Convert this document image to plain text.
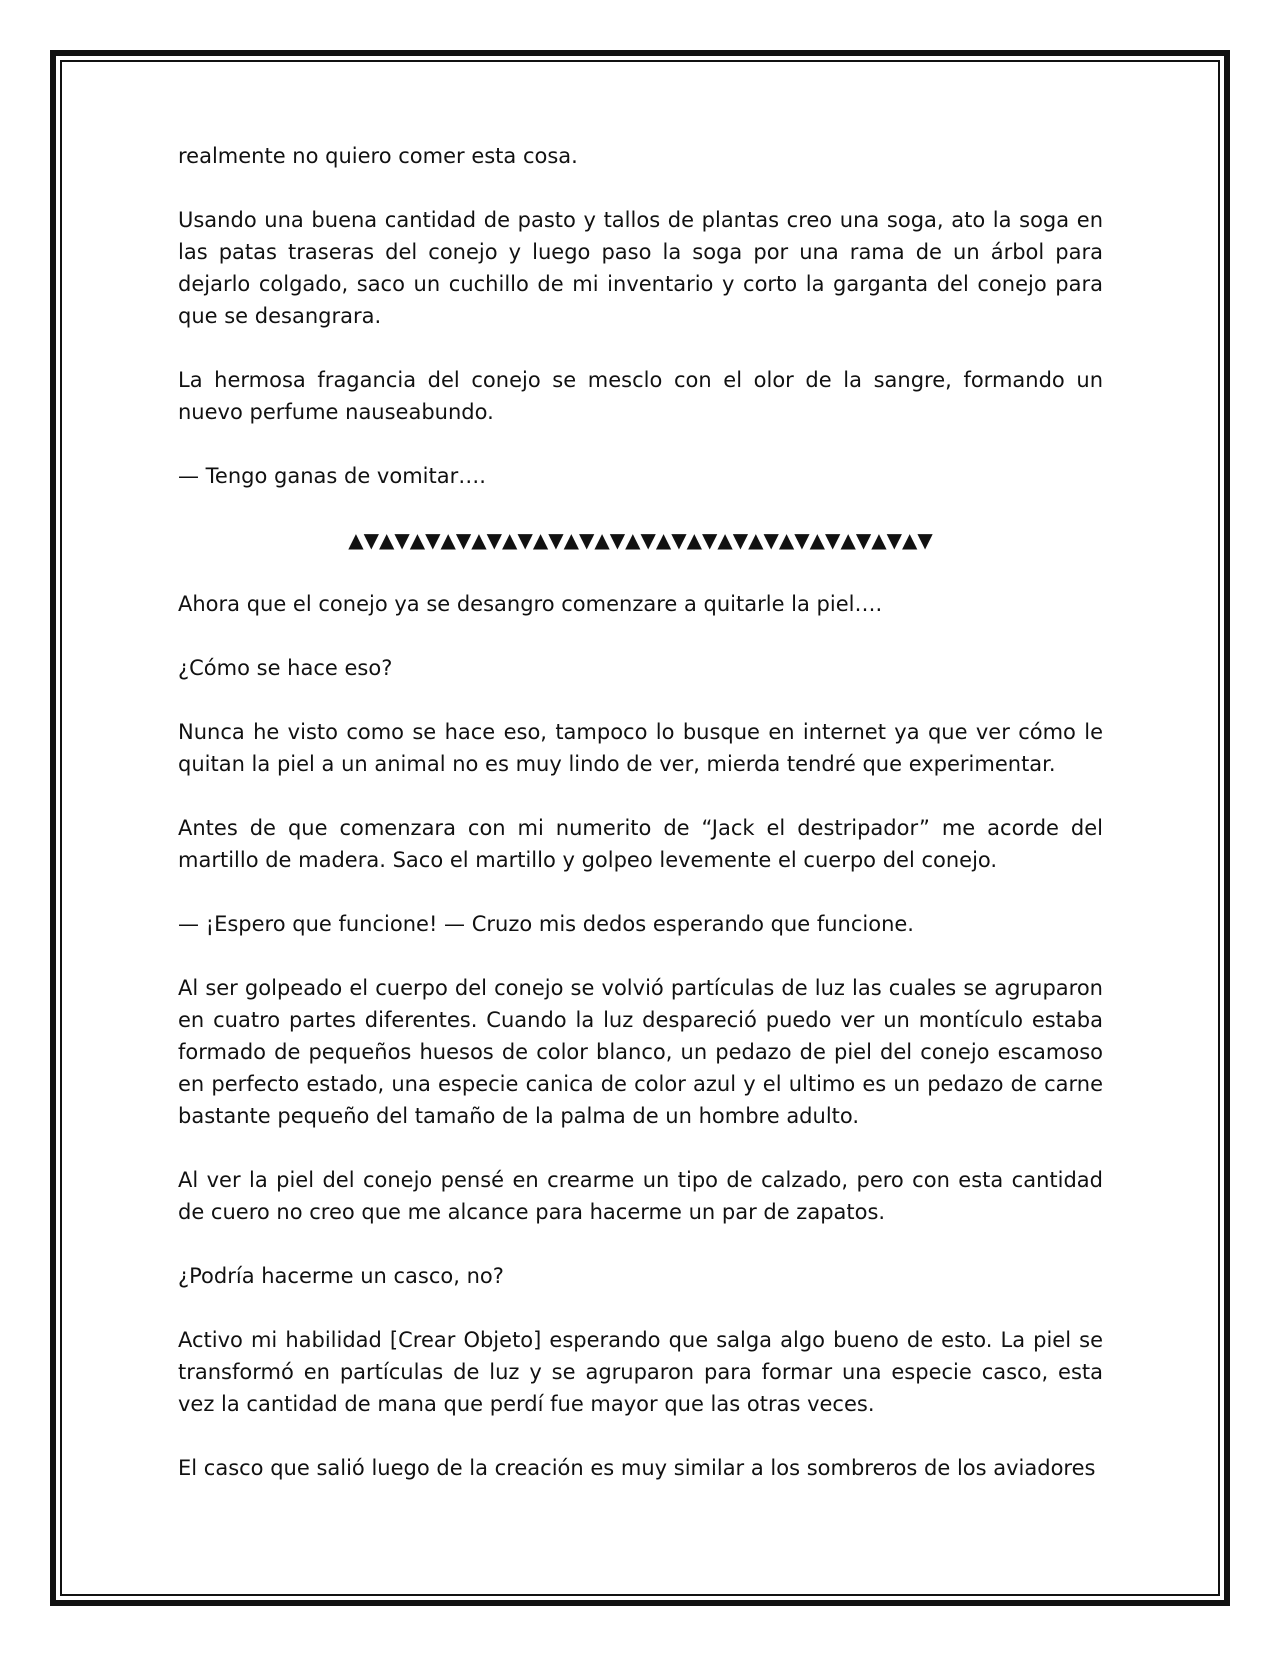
realmente no quiero comer esta cosa.

Usando una buena cantidad de pasto y tallos de plantas creo una soga, ato la soga en las patas traseras del conejo y luego paso la soga por una rama de un árbol para dejarlo colgado, saco un cuchillo de mi inventario y corto la garganta del conejo para que se desangrara.

La hermosa fragancia del conejo se mesclo con el olor de la sangre, formando un nuevo perfume nauseabundo.

— Tengo ganas de vomitar….

▲▼▲▼▲▼▲▼▲▼▲▼▲▼▲▼▲▼▲▼▲▼▲▼▲▼▲▼▲▼▲▼▲▼▲▼▲▼

Ahora que el conejo ya se desangro comenzare a quitarle la piel….

¿Cómo se hace eso?

Nunca he visto como se hace eso, tampoco lo busque en internet ya que ver cómo le quitan la piel a un animal no es muy lindo de ver, mierda tendré que experimentar.

Antes de que comenzara con mi numerito de “Jack el destripador” me acorde del martillo de madera. Saco el martillo y golpeo levemente el cuerpo del conejo.

— ¡Espero que funcione! — Cruzo mis dedos esperando que funcione.

Al ser golpeado el cuerpo del conejo se volvió partículas de luz las cuales se agruparon en cuatro partes diferentes. Cuando la luz despareció puedo ver un montículo estaba formado de pequeños huesos de color blanco, un pedazo de piel del conejo escamoso en perfecto estado, una especie canica de color azul y el ultimo es un pedazo de carne bastante pequeño del tamaño de la palma de un hombre adulto.

Al ver la piel del conejo pensé en crearme un tipo de calzado, pero con esta cantidad de cuero no creo que me alcance para hacerme un par de zapatos.

¿Podría hacerme un casco, no?

Activo mi habilidad [Crear Objeto] esperando que salga algo bueno de esto. La piel se transformó en partículas de luz y se agruparon para formar una especie casco, esta vez la cantidad de mana que perdí fue mayor que las otras veces.

El casco que salió luego de la creación es muy similar a los sombreros de los aviadores
